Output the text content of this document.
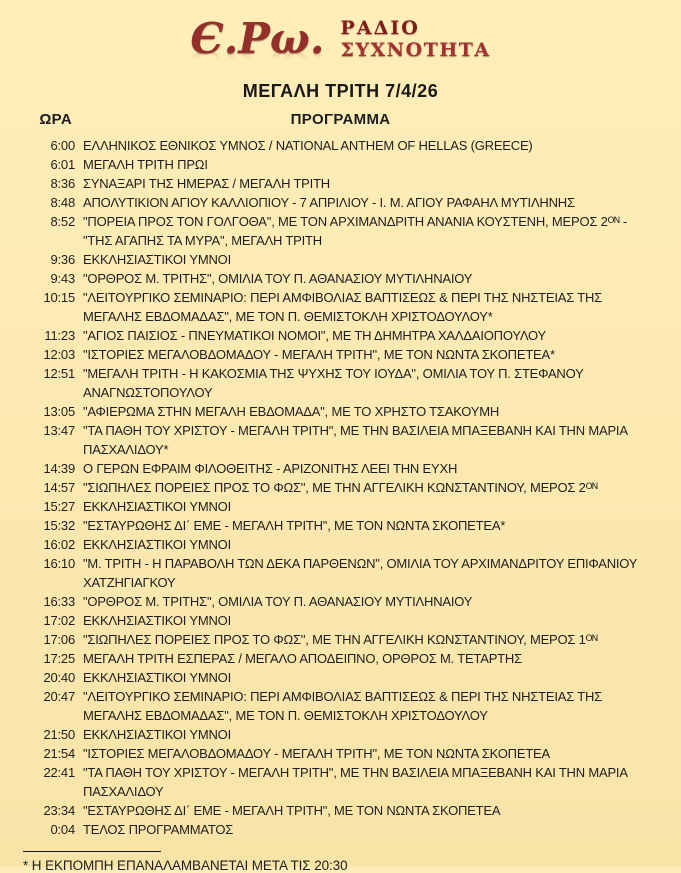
Є.Ρω. ΡΑΔΙΟ
ΣΥΧΝΟΤΗΤΑ
ΜΕΓΑΛΗ ΤΡΙΤΗ 7/4/26
ΩΡΑ	ΠΡΟΓΡΑΜΜΑ
6:00 ΕΛΛΗΝΙΚΟΣ ΕΘΝΙΚΟΣ ΥΜΝΟΣ / NATIONAL ANTHEM OF HELLAS (GREECE)
6:01 ΜΕΓΑΛΗ ΤΡΙΤΗ ΠΡΩΙ
8:36 ΣΥΝΑΞΑΡΙ ΤΗΣ ΗΜΕΡΑΣ / ΜΕΓΑΛΗ ΤΡΙΤΗ
8:48 ΑΠΟΛΥΤΙΚΙΟΝ ΑΓΙΟΥ ΚΑΛΛΙΟΠΙΟΥ - 7 ΑΠΡΙΛΙΟΥ - Ι. Μ. ΑΓΙΟΥ ΡΑΦΑΗΛ ΜΥΤΙΛΗΝΗΣ
8:52 "ΠΟΡΕΙΑ ΠΡΟΣ ΤΟΝ ΓΟΛΓΟΘΑ", ΜΕ ΤΟΝ ΑΡΧΙΜΑΝΔΡΙΤΗ ΑΝΑΝΙΑ ΚΟΥΣΤΕΝΗ, ΜΕΡΟΣ 2ᴼᴺ - "ΤΗΣ ΑΓΑΠΗΣ ΤΑ ΜΥΡΑ", ΜΕΓΑΛΗ ΤΡΙΤΗ
9:36 ΕΚΚΛΗΣΙΑΣΤΙΚΟΙ ΥΜΝΟΙ
9:43 "ΟΡΘΡΟΣ Μ. ΤΡΙΤΗΣ", ΟΜΙΛΙΑ ΤΟΥ Π. ΑΘΑΝΑΣΙΟΥ ΜΥΤΙΛΗΝΑΙΟΥ
10:15 "ΛΕΙΤΟΥΡΓΙΚΟ ΣΕΜΙΝΑΡΙΟ: ΠΕΡΙ ΑΜΦΙΒΟΛΙΑΣ ΒΑΠΤΙΣΕΩΣ & ΠΕΡΙ ΤΗΣ ΝΗΣΤΕΙΑΣ ΤΗΣ ΜΕΓΑΛΗΣ ΕΒΔΟΜΑΔΑΣ", ΜΕ ΤΟΝ Π. ΘΕΜΙΣΤΟΚΛΗ ΧΡΙΣΤΟΔΟΥΛΟΥ*
11:23 "ΑΓΙΟΣ ΠΑΙΣΙΟΣ - ΠΝΕΥΜΑΤΙΚΟΙ ΝΟΜΟΙ", ΜΕ ΤΗ ΔΗΜΗΤΡΑ ΧΑΛΔΑΙΟΠΟΥΛΟΥ
12:03 "ΙΣΤΟΡΙΕΣ ΜΕΓΑΛΟΒΔΟΜΑΔΟΥ - ΜΕΓΑΛΗ ΤΡΙΤΗ", ΜΕ ΤΟΝ ΝΩΝΤΑ ΣΚΟΠΕΤΕΑ*
12:51 "ΜΕΓΑΛΗ ΤΡΙΤΗ - Η ΚΑΚΟΣΜΙΑ ΤΗΣ ΨΥΧΗΣ ΤΟΥ ΙΟΥΔΑ", ΟΜΙΛΙΑ ΤΟΥ Π. ΣΤΕΦΑΝΟΥ ΑΝΑΓΝΩΣΤΟΠΟΥΛΟΥ
13:05 "ΑΦΙΕΡΩΜΑ ΣΤΗΝ ΜΕΓΑΛΗ ΕΒΔΟΜΑΔΑ", ΜΕ ΤΟ ΧΡΗΣΤΟ ΤΣΑΚΟΥΜΗ
13:47 "ΤΑ ΠΑΘΗ ΤΟΥ ΧΡΙΣΤΟΥ - ΜΕΓΑΛΗ ΤΡΙΤΗ", ΜΕ ΤΗΝ ΒΑΣΙΛΕΙΑ ΜΠΑΞΕΒΑΝΗ ΚΑΙ ΤΗΝ ΜΑΡΙΑ ΠΑΣΧΑΛΙΔΟΥ*
14:39 Ο ΓΕΡΩΝ ΕΦΡΑΙΜ ΦΙΛΟΘΕΙΤΗΣ - ΑΡΙΖΟΝΙΤΗΣ ΛΕΕΙ ΤΗΝ ΕΥΧΗ
14:57 "ΣΙΩΠΗΛΕΣ ΠΟΡΕΙΕΣ ΠΡΟΣ ΤΟ ΦΩΣ", ΜΕ ΤΗΝ ΑΓΓΕΛΙΚΗ ΚΩΝΣΤΑΝΤΙΝΟΥ, ΜΕΡΟΣ 2ᴼᴺ
15:27 ΕΚΚΛΗΣΙΑΣΤΙΚΟΙ ΥΜΝΟΙ
15:32 "ΕΣΤΑΥΡΩΘΗΣ ΔΙ΄ ΕΜΕ - ΜΕΓΑΛΗ ΤΡΙΤΗ", ΜΕ ΤΟΝ ΝΩΝΤΑ ΣΚΟΠΕΤΕΑ*
16:02 ΕΚΚΛΗΣΙΑΣΤΙΚΟΙ ΥΜΝΟΙ
16:10 "Μ. ΤΡΙΤΗ - Η ΠΑΡΑΒΟΛΗ ΤΩΝ ΔΕΚΑ ΠΑΡΘΕΝΩΝ", ΟΜΙΛΙΑ ΤΟΥ ΑΡΧΙΜΑΝΔΡΙΤΟΥ ΕΠΙΦΑΝΙΟΥ ΧΑΤΖΗΓΙΑΓΚΟΥ
16:33 "ΟΡΘΡΟΣ Μ. ΤΡΙΤΗΣ", ΟΜΙΛΙΑ ΤΟΥ Π. ΑΘΑΝΑΣΙΟΥ ΜΥΤΙΛΗΝΑΙΟΥ
17:02 ΕΚΚΛΗΣΙΑΣΤΙΚΟΙ ΥΜΝΟΙ
17:06 "ΣΙΩΠΗΛΕΣ ΠΟΡΕΙΕΣ ΠΡΟΣ ΤΟ ΦΩΣ", ΜΕ ΤΗΝ ΑΓΓΕΛΙΚΗ ΚΩΝΣΤΑΝΤΙΝΟΥ, ΜΕΡΟΣ 1ᴼᴺ
17:25 ΜΕΓΑΛΗ ΤΡΙΤΗ ΕΣΠΕΡΑΣ / ΜΕΓΑΛΟ ΑΠΟΔΕΙΠΝΟ, ΟΡΘΡΟΣ Μ. ΤΕΤΑΡΤΗΣ
20:40 ΕΚΚΛΗΣΙΑΣΤΙΚΟΙ ΥΜΝΟΙ
20:47 "ΛΕΙΤΟΥΡΓΙΚΟ ΣΕΜΙΝΑΡΙΟ: ΠΕΡΙ ΑΜΦΙΒΟΛΙΑΣ ΒΑΠΤΙΣΕΩΣ & ΠΕΡΙ ΤΗΣ ΝΗΣΤΕΙΑΣ ΤΗΣ ΜΕΓΑΛΗΣ ΕΒΔΟΜΑΔΑΣ", ΜΕ ΤΟΝ Π. ΘΕΜΙΣΤΟΚΛΗ ΧΡΙΣΤΟΔΟΥΛΟΥ
21:50 ΕΚΚΛΗΣΙΑΣΤΙΚΟΙ ΥΜΝΟΙ
21:54 "ΙΣΤΟΡΙΕΣ ΜΕΓΑΛΟΒΔΟΜΑΔΟΥ - ΜΕΓΑΛΗ ΤΡΙΤΗ", ΜΕ ΤΟΝ ΝΩΝΤΑ ΣΚΟΠΕΤΕΑ
22:41 "ΤΑ ΠΑΘΗ ΤΟΥ ΧΡΙΣΤΟΥ - ΜΕΓΑΛΗ ΤΡΙΤΗ", ΜΕ ΤΗΝ ΒΑΣΙΛΕΙΑ ΜΠΑΞΕΒΑΝΗ ΚΑΙ ΤΗΝ ΜΑΡΙΑ ΠΑΣΧΑΛΙΔΟΥ
23:34 "ΕΣΤΑΥΡΩΘΗΣ ΔΙ΄ ΕΜΕ - ΜΕΓΑΛΗ ΤΡΙΤΗ", ΜΕ ΤΟΝ ΝΩΝΤΑ ΣΚΟΠΕΤΕΑ
0:04 ΤΕΛΟΣ ΠΡΟΓΡΑΜΜΑΤΟΣ
* Η ΕΚΠΟΜΠΗ ΕΠΑΝΑΛΑΜΒΑΝΕΤΑΙ ΜΕΤΑ ΤΙΣ 20:30
